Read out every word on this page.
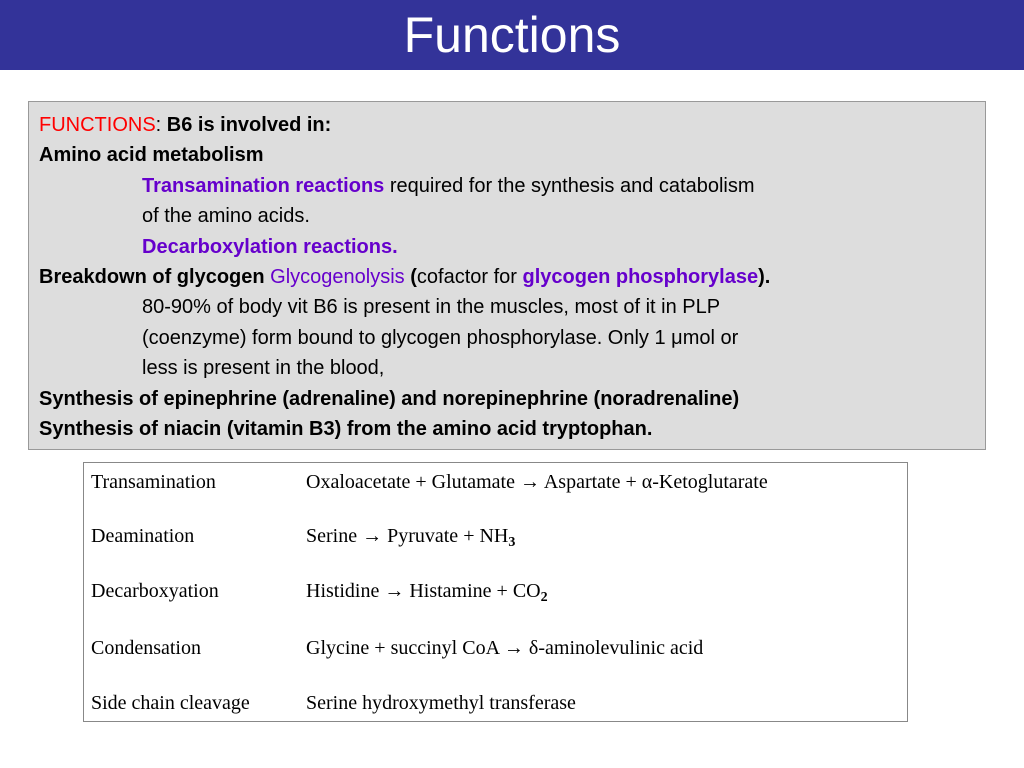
Functions
FUNCTIONS: B6 is involved in:
Amino acid metabolism
Transamination reactions required for the synthesis and catabolism
of the amino acids.
Decarboxylation reactions.
Breakdown of glycogen Glycogenolysis (cofactor for glycogen phosphorylase).
80-90% of body vit B6 is present in the muscles, most of it in PLP
(coenzyme) form bound to glycogen phosphorylase. Only 1 μmol or
less is present in the blood,
Synthesis of epinephrine (adrenaline) and norepinephrine (noradrenaline)
Synthesis of niacin (vitamin B3) from the amino acid tryptophan.
Transamination	Oxaloacetate + Glutamate → Aspartate + α-Ketoglutarate
Deamination	Serine → Pyruvate + $NH_3$
Decarboxyation	Histidine → Histamine + $CO_2$
Condensation	Glycine + succinyl CoA → δ-aminolevulinic acid
Side chain cleavage	Serine hydroxymethyl transferase
